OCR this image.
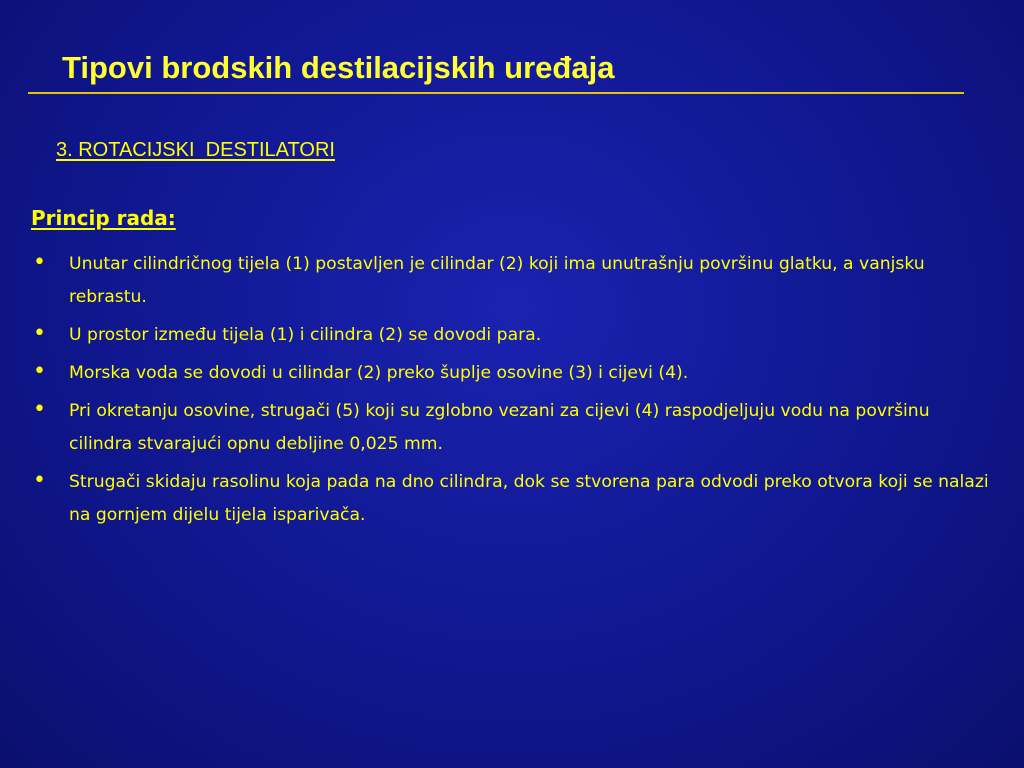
Tipovi brodskih destilacijskih uređaja

3. ROTACIJSKI  DESTILATORI

Princip rada:

• Unutar cilindričnog tijela (1) postavljen je cilindar (2) koji ima unutrašnju površinu glatku, a vanjsku rebrastu.
• U prostor između tijela (1) i cilindra (2) se dovodi para.
• Morska voda se dovodi u cilindar (2) preko šuplje osovine (3) i cijevi (4).
• Pri okretanju osovine, strugači (5) koji su zglobno vezani za cijevi (4) raspodjeljuju vodu na površinu cilindra stvarajući opnu debljine 0,025 mm.
• Strugači skidaju rasolinu koja pada na dno cilindra, dok se stvorena para odvodi preko otvora koji se nalazi na gornjem dijelu tijela isparivača.
